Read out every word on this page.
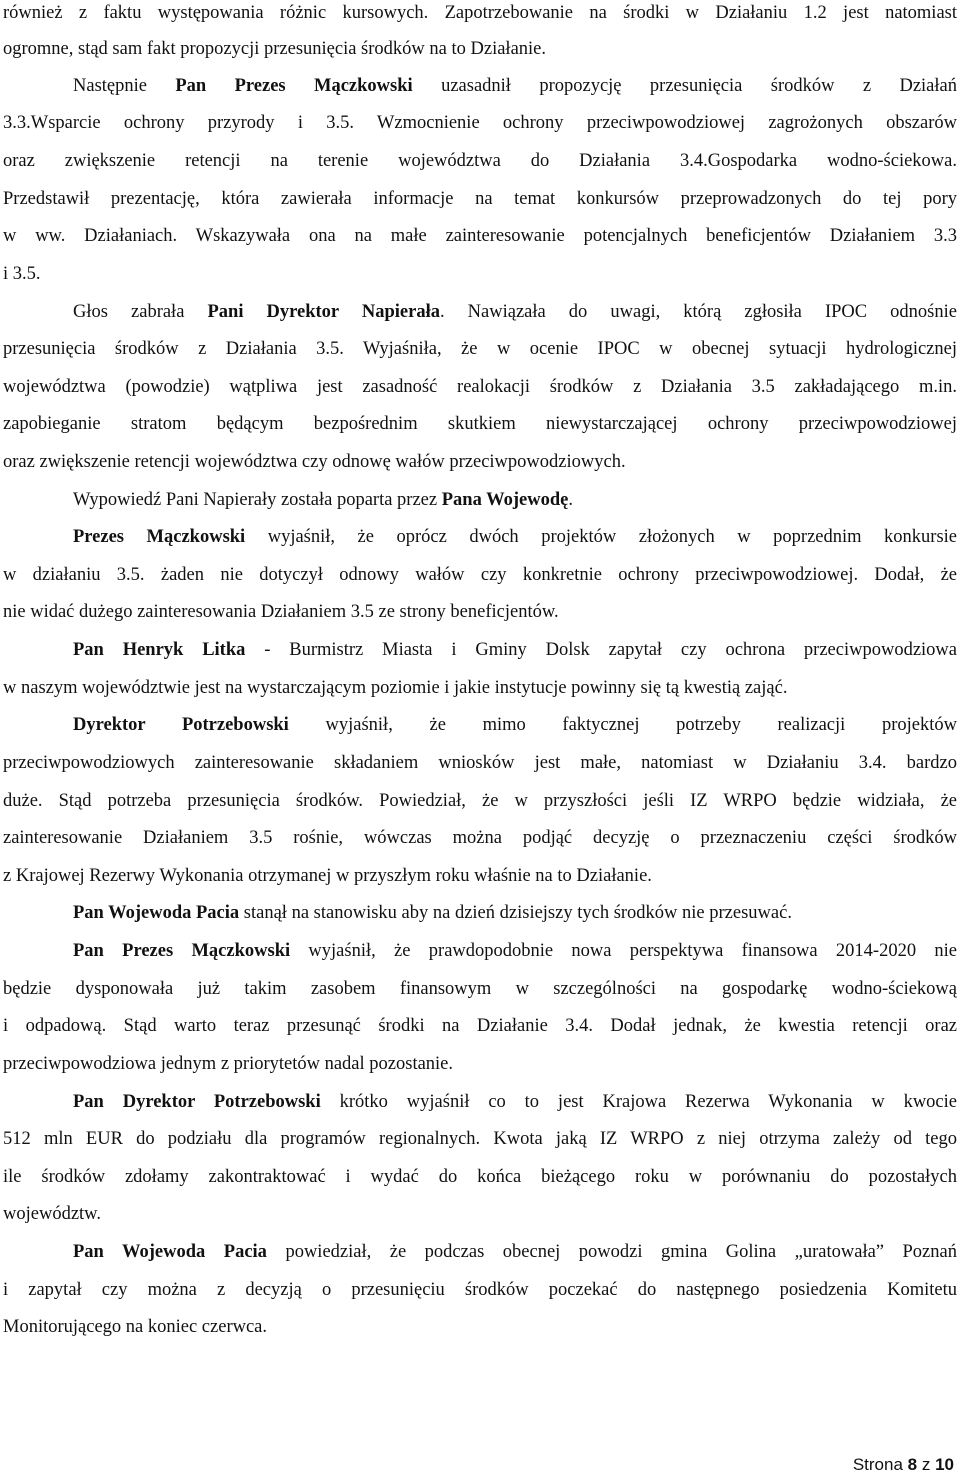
również z faktu występowania różnic kursowych. Zapotrzebowanie na środki w Działaniu 1.2 jest natomiast
ogromne, stąd sam fakt propozycji przesunięcia środków na to Działanie.
Następnie Pan Prezes Mączkowski uzasadnił propozycję przesunięcia środków z Działań
3.3.Wsparcie ochrony przyrody i 3.5. Wzmocnienie ochrony przeciwpowodziowej zagrożonych obszarów
oraz zwiększenie retencji na terenie województwa do Działania 3.4.Gospodarka wodno-ściekowa.
Przedstawił prezentację, która zawierała informacje na temat konkursów przeprowadzonych do tej pory
w ww. Działaniach. Wskazywała ona na małe zainteresowanie potencjalnych beneficjentów Działaniem 3.3
i 3.5.
Głos zabrała Pani Dyrektor Napierała. Nawiązała do uwagi, którą zgłosiła IPOC odnośnie
przesunięcia środków z Działania 3.5. Wyjaśniła, że w ocenie IPOC w obecnej sytuacji hydrologicznej
województwa (powodzie) wątpliwa jest zasadność realokacji środków z Działania 3.5 zakładającego m.in.
zapobieganie stratom będącym bezpośrednim skutkiem niewystarczającej ochrony przeciwpowodziowej
oraz zwiększenie retencji województwa czy odnowę wałów przeciwpowodziowych.
Wypowiedź Pani Napierały została poparta przez Pana Wojewodę.
Prezes Mączkowski wyjaśnił, że oprócz dwóch projektów złożonych w poprzednim konkursie
w działaniu 3.5. żaden nie dotyczył odnowy wałów czy konkretnie ochrony przeciwpowodziowej. Dodał, że
nie widać dużego zainteresowania Działaniem 3.5 ze strony beneficjentów.
Pan Henryk Litka - Burmistrz Miasta i Gminy Dolsk zapytał czy ochrona przeciwpowodziowa
w naszym województwie jest na wystarczającym poziomie i jakie instytucje powinny się tą kwestią zająć.
Dyrektor Potrzebowski wyjaśnił, że mimo faktycznej potrzeby realizacji projektów
przeciwpowodziowych zainteresowanie składaniem wniosków jest małe, natomiast w Działaniu 3.4. bardzo
duże. Stąd potrzeba przesunięcia środków. Powiedział, że w przyszłości jeśli IZ WRPO będzie widziała, że
zainteresowanie Działaniem 3.5 rośnie, wówczas można podjąć decyzję o przeznaczeniu części środków
z Krajowej Rezerwy Wykonania otrzymanej w przyszłym roku właśnie na to Działanie.
Pan Wojewoda Pacia stanął na stanowisku aby na dzień dzisiejszy tych środków nie przesuwać.
Pan Prezes Mączkowski wyjaśnił, że prawdopodobnie nowa perspektywa finansowa 2014-2020 nie
będzie dysponowała już takim zasobem finansowym w szczególności na gospodarkę wodno-ściekową
i odpadową. Stąd warto teraz przesunąć środki na Działanie 3.4. Dodał jednak, że kwestia retencji oraz
przeciwpowodziowa jednym z priorytetów nadal pozostanie.
Pan Dyrektor Potrzebowski krótko wyjaśnił co to jest Krajowa Rezerwa Wykonania w kwocie
512 mln EUR do podziału dla programów regionalnych. Kwota jaką IZ WRPO z niej otrzyma zależy od tego
ile środków zdołamy zakontraktować i wydać do końca bieżącego roku w porównaniu do pozostałych
województw.
Pan Wojewoda Pacia powiedział, że podczas obecnej powodzi gmina Golina „uratowała” Poznań
i zapytał czy można z decyzją o przesunięciu środków poczekać do następnego posiedzenia Komitetu
Monitorującego na koniec czerwca.
Strona 8 z 10
